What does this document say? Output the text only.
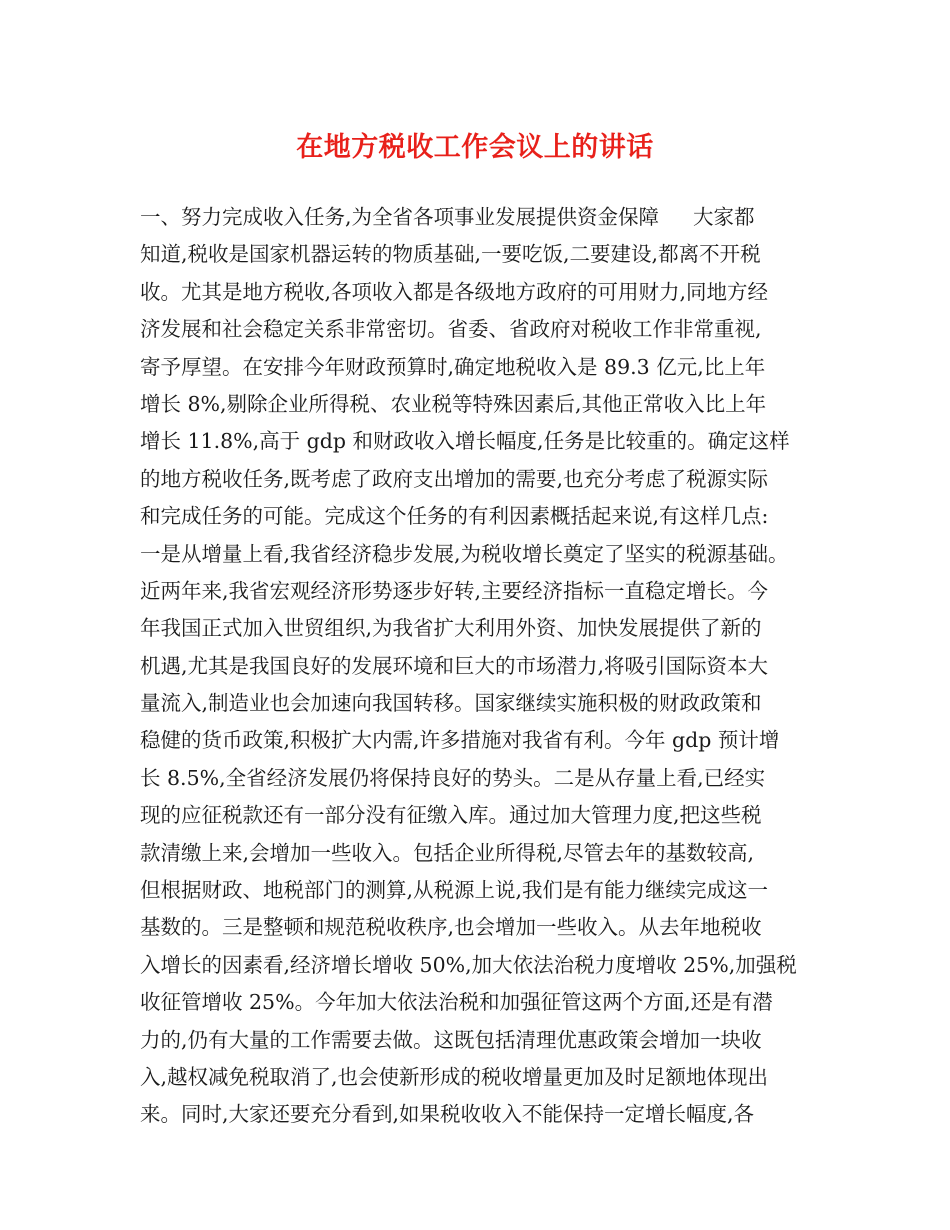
在地方税收工作会议上的讲话
一、努力完成收入任务,为全省各项事业发展提供资金保障 大家都
知道,税收是国家机器运转的物质基础,一要吃饭,二要建设,都离不开税
收。尤其是地方税收,各项收入都是各级地方政府的可用财力,同地方经
济发展和社会稳定关系非常密切。省委、省政府对税收工作非常重视,
寄予厚望。在安排今年财政预算时,确定地税收入是 89.3 亿元,比上年
增长 8%,剔除企业所得税、农业税等特殊因素后,其他正常收入比上年
增长 11.8%,高于 gdp 和财政收入增长幅度,任务是比较重的。确定这样
的地方税收任务,既考虑了政府支出增加的需要,也充分考虑了税源实际
和完成任务的可能。完成这个任务的有利因素概括起来说,有这样几点:
一是从增量上看,我省经济稳步发展,为税收增长奠定了坚实的税源基础。
近两年来,我省宏观经济形势逐步好转,主要经济指标一直稳定增长。今
年我国正式加入世贸组织,为我省扩大利用外资、加快发展提供了新的
机遇,尤其是我国良好的发展环境和巨大的市场潜力,将吸引国际资本大
量流入,制造业也会加速向我国转移。国家继续实施积极的财政政策和
稳健的货币政策,积极扩大内需,许多措施对我省有利。今年 gdp 预计增
长 8.5%,全省经济发展仍将保持良好的势头。二是从存量上看,已经实
现的应征税款还有一部分没有征缴入库。通过加大管理力度,把这些税
款清缴上来,会增加一些收入。包括企业所得税,尽管去年的基数较高,
但根据财政、地税部门的测算,从税源上说,我们是有能力继续完成这一
基数的。三是整顿和规范税收秩序,也会增加一些收入。从去年地税收
入增长的因素看,经济增长增收 50%,加大依法治税力度增收 25%,加强税
收征管增收 25%。今年加大依法治税和加强征管这两个方面,还是有潜
力的,仍有大量的工作需要去做。这既包括清理优惠政策会增加一块收
入,越权减免税取消了,也会使新形成的税收增量更加及时足额地体现出
来。同时,大家还要充分看到,如果税收收入不能保持一定增长幅度,各
